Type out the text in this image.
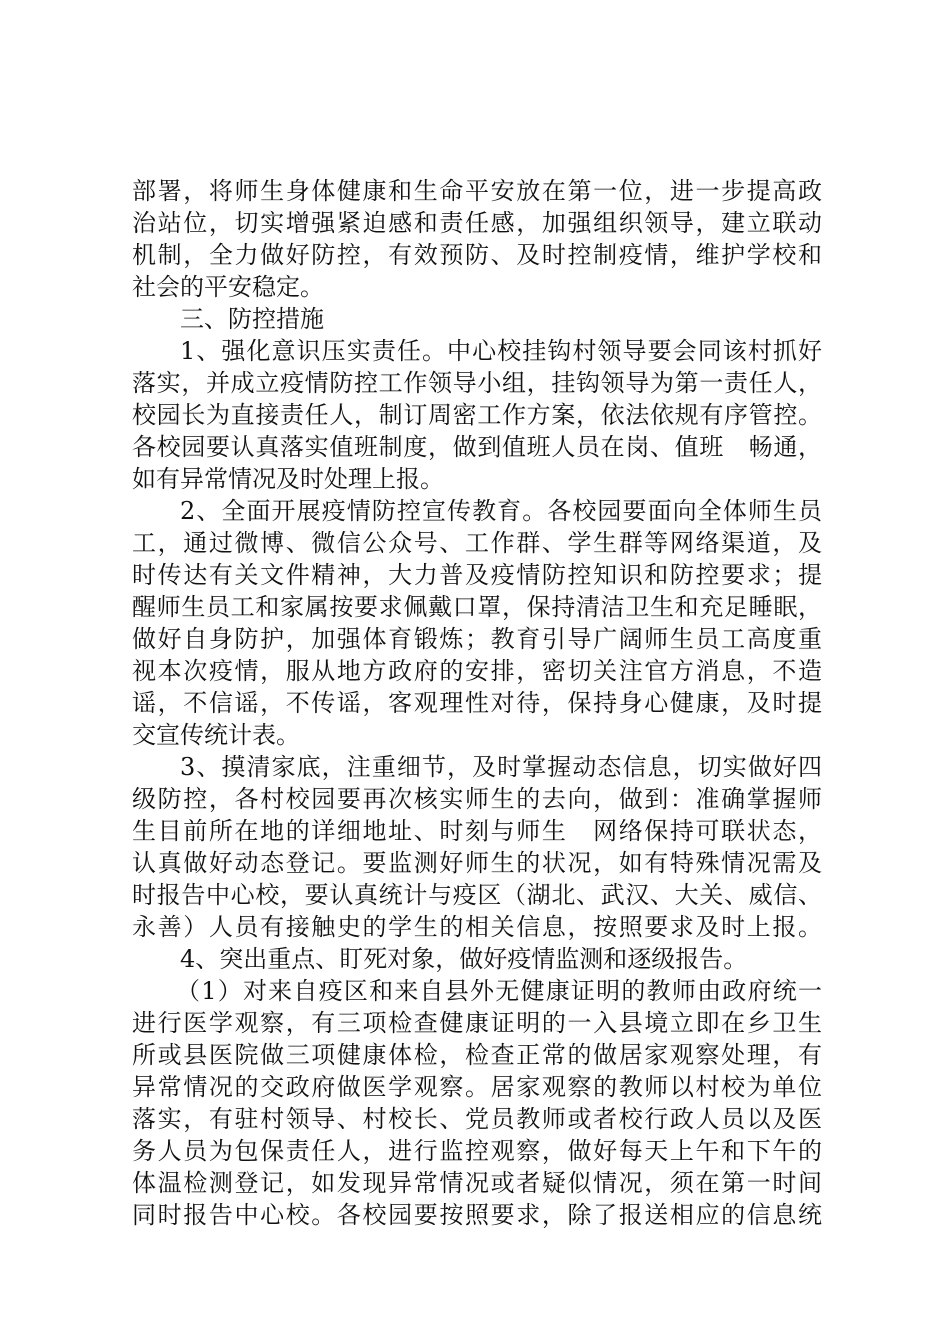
部署，将师生身体健康和生命平安放在第一位，进一步提高政
治站位，切实增强紧迫感和责任感，加强组织领导，建立联动
机制，全力做好防控，有效预防、及时控制疫情，维护学校和
社会的平安稳定。
三、防控措施
1、强化意识压实责任。中心校挂钩村领导要会同该村抓好
落实，并成立疫情防控工作领导小组，挂钩领导为第一责任人，
校园长为直接责任人，制订周密工作方案，依法依规有序管控。
各校园要认真落实值班制度，做到值班人员在岗、值班　畅通，
如有异常情况及时处理上报。
2、全面开展疫情防控宣传教育。各校园要面向全体师生员
工，通过微博、微信公众号、工作群、学生群等网络渠道，及
时传达有关文件精神，大力普及疫情防控知识和防控要求；提
醒师生员工和家属按要求佩戴口罩，保持清洁卫生和充足睡眠，
做好自身防护，加强体育锻炼；教育引导广阔师生员工高度重
视本次疫情，服从地方政府的安排，密切关注官方消息，不造
谣，不信谣，不传谣，客观理性对待，保持身心健康，及时提
交宣传统计表。
3、摸清家底，注重细节，及时掌握动态信息，切实做好四
级防控，各村校园要再次核实师生的去向，做到：准确掌握师
生目前所在地的详细地址、时刻与师生　网络保持可联状态，
认真做好动态登记。要监测好师生的状况，如有特殊情况需及
时报告中心校，要认真统计与疫区（湖北、武汉、大关、威信、
永善）人员有接触史的学生的相关信息，按照要求及时上报。
4、突出重点、盯死对象，做好疫情监测和逐级报告。
（1）对来自疫区和来自县外无健康证明的教师由政府统一
进行医学观察，有三项检查健康证明的一入县境立即在乡卫生
所或县医院做三项健康体检，检查正常的做居家观察处理，有
异常情况的交政府做医学观察。居家观察的教师以村校为单位
落实，有驻村领导、村校长、党员教师或者校行政人员以及医
务人员为包保责任人，进行监控观察，做好每天上午和下午的
体温检测登记，如发现异常情况或者疑似情况，须在第一时间
同时报告中心校。各校园要按照要求，除了报送相应的信息统
